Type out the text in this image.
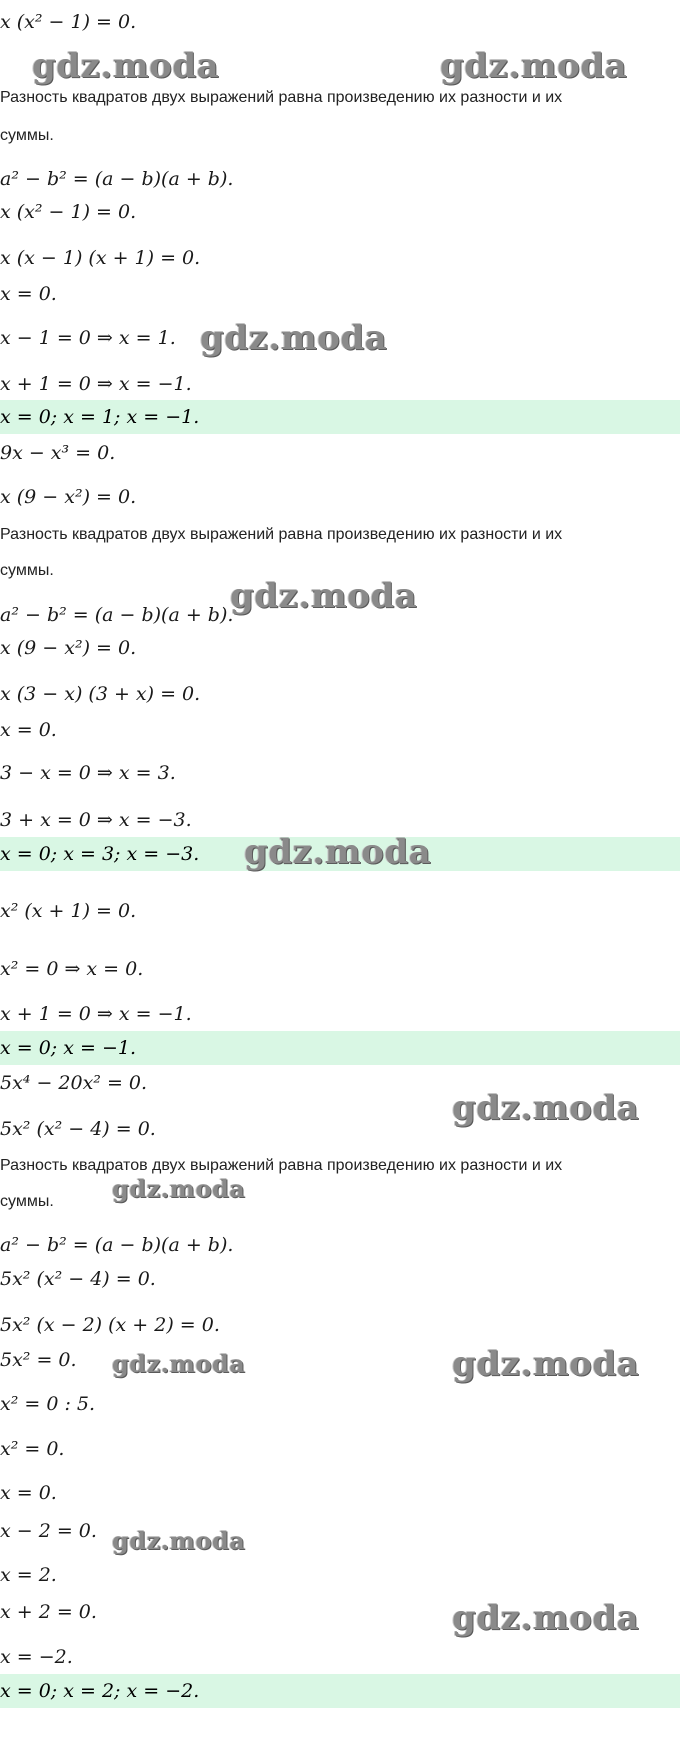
x (x² − 1) = 0.
Разность квадратов двух выражений равна произведению их разности и их
суммы.
a² − b² = (a − b)(a + b).
x (x² − 1) = 0.
x (x − 1) (x + 1) = 0.
x = 0.
x − 1 = 0 ⇒ x = 1.
x + 1 = 0 ⇒ x = −1.
x = 0; x = 1; x = −1.
9x − x³ = 0.
x (9 − x²) = 0.
Разность квадратов двух выражений равна произведению их разности и их
суммы.
a² − b² = (a − b)(a + b).
x (9 − x²) = 0.
x (3 − x) (3 + x) = 0.
x = 0.
3 − x = 0 ⇒ x = 3.
3 + x = 0 ⇒ x = −3.
x = 0; x = 3; x = −3.
x² (x + 1) = 0.
x² = 0 ⇒ x = 0.
x + 1 = 0 ⇒ x = −1.
x = 0; x = −1.
5x⁴ − 20x² = 0.
5x² (x² − 4) = 0.
Разность квадратов двух выражений равна произведению их разности и их
суммы.
a² − b² = (a − b)(a + b).
5x² (x² − 4) = 0.
5x² (x − 2) (x + 2) = 0.
5x² = 0.
x² = 0 : 5.
x² = 0.
x = 0.
x − 2 = 0.
x = 2.
x + 2 = 0.
x = −2.
x = 0; x = 2; x = −2.
gdz.moda	gdz.moda
gdz.moda
gdz.moda
gdz.moda
gdz.moda
gdz.moda
gdz.moda	gdz.moda
gdz.moda
gdz.moda
